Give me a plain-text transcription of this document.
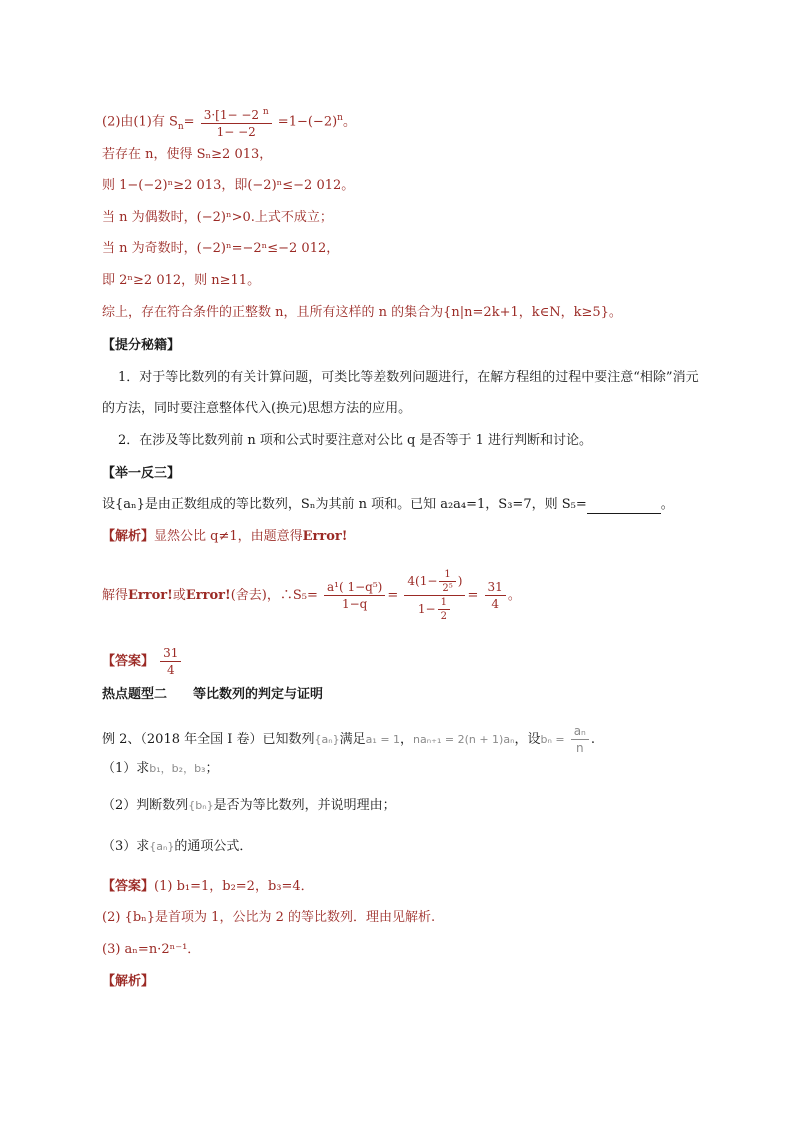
(2)由(1)有 $S_n= \frac{3\cdot[1- -2 ^n}{1- -2} =1-(-2)^n$。
若存在 n，使得 Sₙ≥2 013，
则 1−(−2)ⁿ≥2 013，即(−2)ⁿ≤−2 012。
当 n 为偶数时，(−2)ⁿ>0.上式不成立；
当 n 为奇数时，(−2)ⁿ=−2ⁿ≤−2 012，
即 2ⁿ≥2 012，则 n≥11。
综上，存在符合条件的正整数 n，且所有这样的 n 的集合为{n|n=2k+1，k∈N，k≥5}。
【提分秘籍】
1．对于等比数列的有关计算问题，可类比等差数列问题进行，在解方程组的过程中要注意“相除”消元
的方法，同时要注意整体代入(换元)思想方法的应用。
2．在涉及等比数列前 n 项和公式时要注意对公比 q 是否等于 1 进行判断和讨论。
【举一反三】
设{aₙ}是由正数组成的等比数列，Sₙ为其前 n 项和。已知 a₂a₄=1，S₃=7，则 S₅=	。
【解析】显然公比 q≠1，由题意得Error!
解得Error!或Error!(舍去)，∴S₅= $\frac{\text{a¹( 1−q⁵)}}{1-q} = \frac{4(1- \frac{1}{\text{2⁵}} )}{1- \frac{1}{2}} = \frac{31}{4}$ 。
【答案】 $\frac{31}{4}$
热点题型二　　等比数列的判定与证明
例 2、（2018 年全国 I 卷）已知数列{aₙ}满足a₁ = 1，naₙ₊₁ = 2(n + 1)aₙ，设$b_n = \frac{\text{aₙ}}{n}$ .
（1）求b₁，b₂，b₃；
（2）判断数列{bₙ}是否为等比数列，并说明理由；
（3）求{aₙ}的通项公式．
【答案】(1) b₁=1，b₂=2，b₃=4．
(2) {bₙ}是首项为 1，公比为 2 的等比数列．理由见解析.
(3) aₙ=n·2ⁿ⁻¹．
【解析】
